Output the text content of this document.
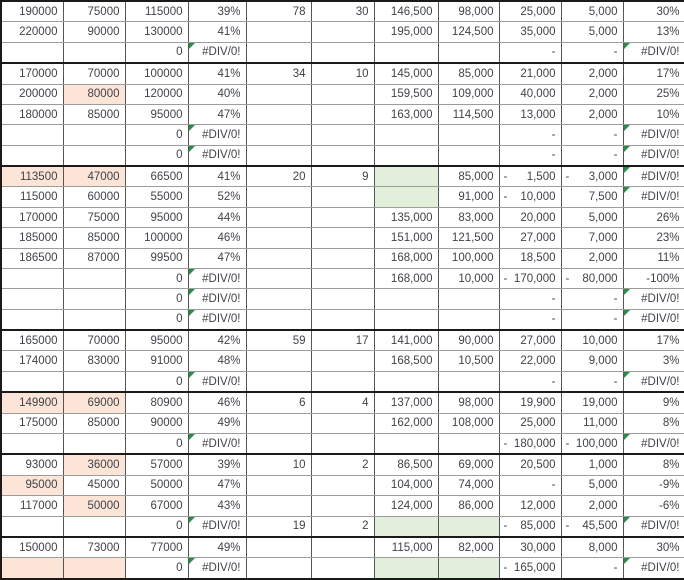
190000	75000	115000	39%	78	30	146,500	98,000	25,000	5,000	30%
220000	90000	130000	41%			195,000	124,500	35,000	5,000	13%
		0	#DIV/0!					-	-	#DIV/0!
170000	70000	100000	41%	34	10	145,000	85,000	21,000	2,000	17%
200000	80000	120000	40%			159,500	109,000	40,000	2,000	25%
180000	85000	95000	47%			163,000	114,500	13,000	2,000	10%
		0	#DIV/0!					-	-	#DIV/0!
		0	#DIV/0!					-	-	#DIV/0!
113500	47000	66500	41%	20	9		85,000	- 1,500	- 3,000	#DIV/0!
115000	60000	55000	52%				91,000	- 10,000	7,500	#DIV/0!
170000	75000	95000	44%			135,000	83,000	20,000	5,000	26%
185000	85000	100000	46%			151,000	121,500	27,000	7,000	23%
186500	87000	99500	47%			168,000	100,000	18,500	2,000	11%
		0	#DIV/0!			168,000	10,000	- 170,000	- 80,000	-100%
		0	#DIV/0!					-	-	#DIV/0!
		0	#DIV/0!					-	-	#DIV/0!
165000	70000	95000	42%	59	17	141,000	90,000	27,000	10,000	17%
174000	83000	91000	48%			168,500	10,500	22,000	9,000	3%
		0	#DIV/0!					-	-	#DIV/0!
149900	69000	80900	46%	6	4	137,000	98,000	19,900	19,000	9%
175000	85000	90000	49%			162,000	108,000	25,000	11,000	8%
		0	#DIV/0!					- 180,000	- 100,000	#DIV/0!
93000	36000	57000	39%	10	2	86,500	69,000	20,500	1,000	8%
95000	45000	50000	47%			104,000	74,000	-	5,000	-9%
117000	50000	67000	43%			124,000	86,000	12,000	2,000	-6%
		0	#DIV/0!	19	2			- 85,000	- 45,500	#DIV/0!
150000	73000	77000	49%			115,000	82,000	30,000	8,000	30%
		0	#DIV/0!					- 165,000	-	#DIV/0!
